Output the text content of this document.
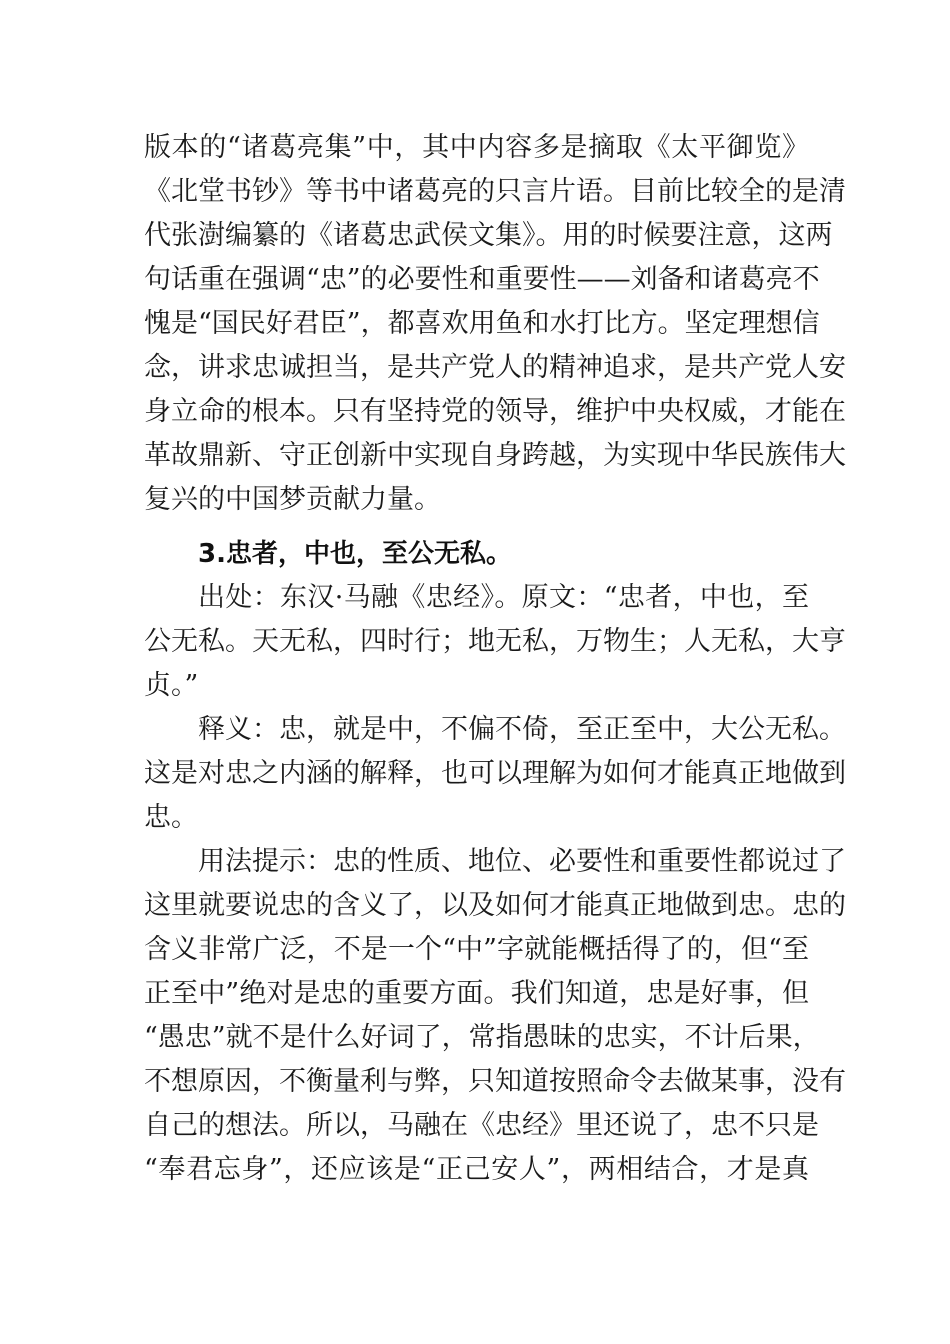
版本的“诸葛亮集”中，其中内容多是摘取《太平御览》
《北堂书钞》等书中诸葛亮的只言片语。目前比较全的是清
代张澍编纂的《诸葛忠武侯文集》。用的时候要注意，这两
句话重在强调“忠”的必要性和重要性——刘备和诸葛亮不
愧是“国民好君臣”，都喜欢用鱼和水打比方。坚定理想信
念，讲求忠诚担当，是共产党人的精神追求，是共产党人安
身立命的根本。只有坚持党的领导，维护中央权威，才能在
革故鼎新、守正创新中实现自身跨越，为实现中华民族伟大
复兴的中国梦贡献力量。
3.忠者，中也，至公无私。
出处：东汉·马融《忠经》。原文：“忠者，中也，至
公无私。天无私，四时行；地无私，万物生；人无私，大亨
贞。”
释义：忠，就是中，不偏不倚，至正至中，大公无私。
这是对忠之内涵的解释，也可以理解为如何才能真正地做到
忠。
用法提示：忠的性质、地位、必要性和重要性都说过了
这里就要说忠的含义了，以及如何才能真正地做到忠。忠的
含义非常广泛，不是一个“中”字就能概括得了的，但“至
正至中”绝对是忠的重要方面。我们知道，忠是好事，但
“愚忠”就不是什么好词了，常指愚昧的忠实，不计后果，
不想原因，不衡量利与弊，只知道按照命令去做某事，没有
自己的想法。所以，马融在《忠经》里还说了，忠不只是
“奉君忘身”，还应该是“正己安人”，两相结合，才是真
